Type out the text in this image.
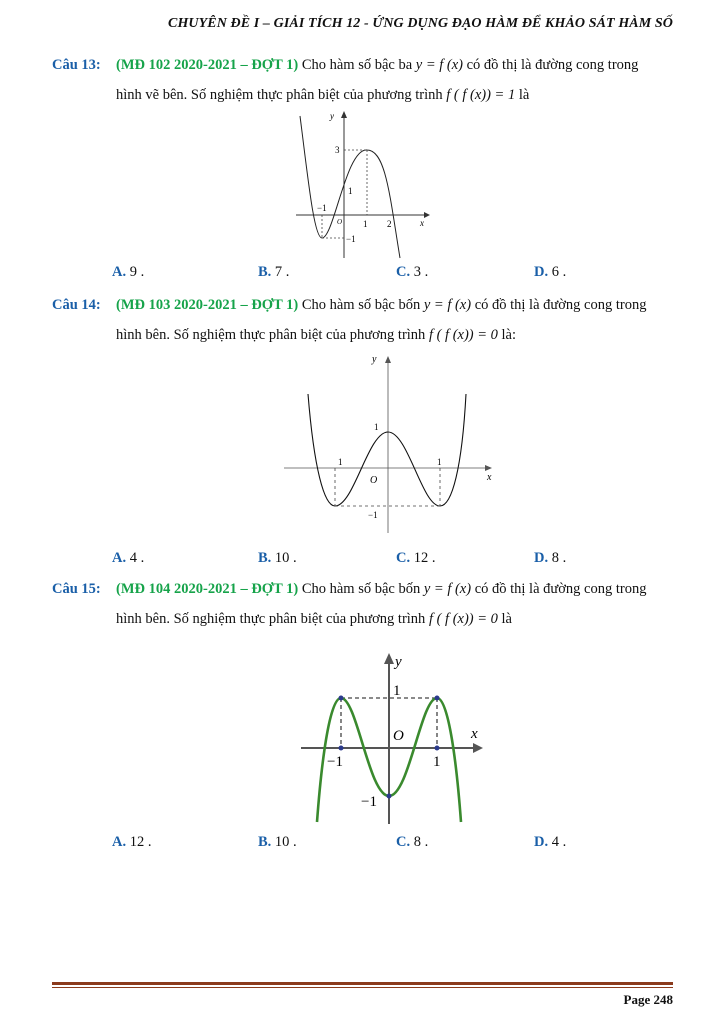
CHUYÊN ĐỀ I – GIẢI TÍCH 12 - ỨNG DỤNG ĐẠO HÀM ĐỂ KHẢO SÁT HÀM SỐ
Câu 13: (MĐ 102 2020-2021 – ĐỢT 1) Cho hàm số bậc ba y = f (x) có đồ thị là đường cong trong
hình vẽ bên. Số nghiệm thực phân biệt của phương trình f ( f (x)) = 1 là
y
x
O
3
1
−1
1 2
−1
A. 9 .	B. 7 .	C. 3 .	D. 6 .
Câu 14: (MĐ 103 2020-2021 – ĐỢT 1) Cho hàm số bậc bốn y = f (x) có đồ thị là đường cong trong
hình bên. Số nghiệm thực phân biệt của phương trình f ( f (x)) = 0 là:
y
x
O
1
1	1
−1
A. 4 .	B. 10 .	C. 12 .	D. 8 .
Câu 15: (MĐ 104 2020-2021 – ĐỢT 1) Cho hàm số bậc bốn y = f (x) có đồ thị là đường cong trong
hình bên. Số nghiệm thực phân biệt của phương trình f ( f (x)) = 0 là
y
x
O
1
−1	1
−1
A. 12 .	B. 10 .	C. 8 .	D. 4 .
Page 248
